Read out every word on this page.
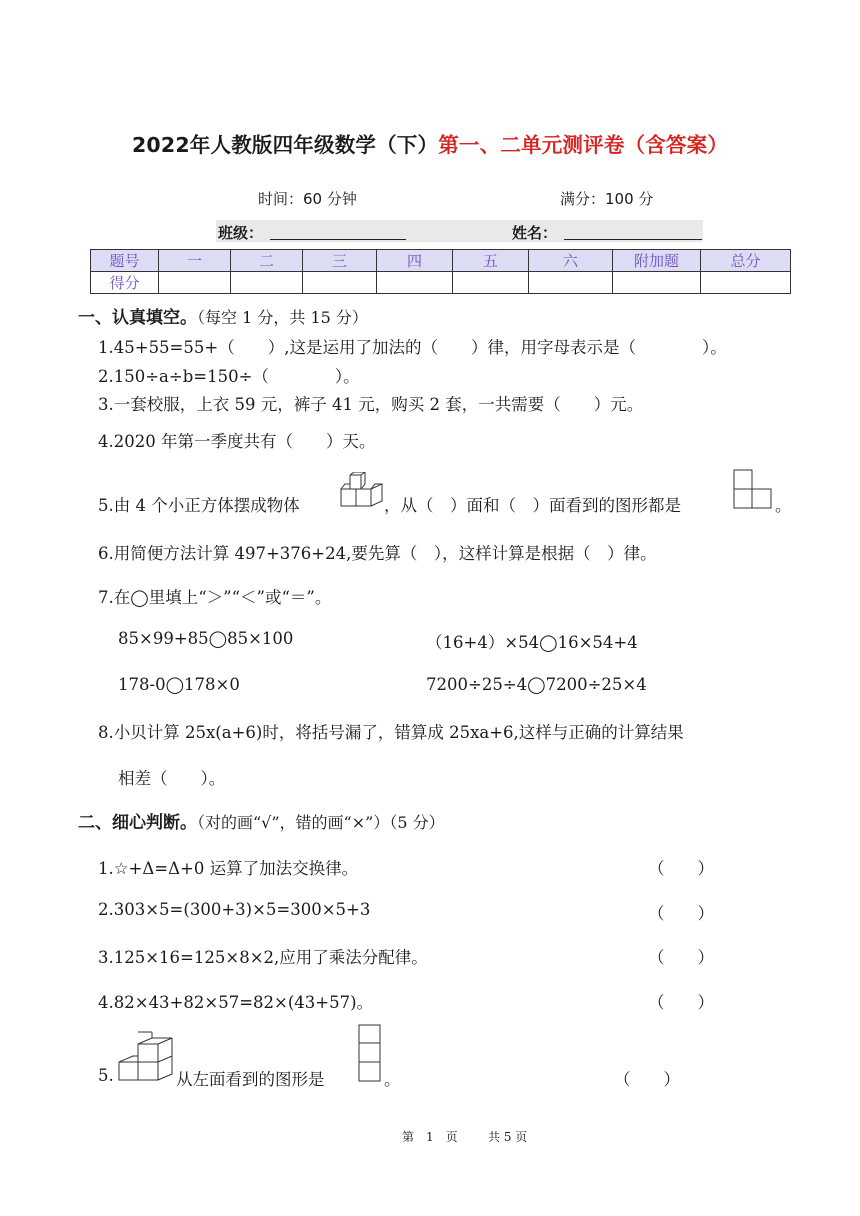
2022年人教版四年级数学（下）第一、二单元测评卷（含答案）
时间：60 分钟	满分：100 分
班级：	姓名：
题号	一	二	三	四	五	六	附加题	总分
得分								
一、认真填空。（每空 1 分，共 15 分）
1.45+55=55+（　　）,这是运用了加法的（　　）律，用字母表示是（　　　　）。
2.150÷a÷b=150÷（　　　　）。
3.一套校服，上衣 59 元，裤子 41 元，购买 2 套，一共需要（　　）元。
4.2020 年第一季度共有（　　）天。
5.由 4 个小正方体摆成物体	，从（　）面和（　）面看到的图形都是	。
6.用简便方法计算 497+376+24,要先算（　），这样计算是根据（　）律。
7.在◯里填上“＞”“＜”或“＝”。
85×99+85◯85×100	（16+4）×54◯16×54+4
178-0◯178×0	7200÷25÷4◯7200÷25×4
8.小贝计算 25x(a+6)时，将括号漏了，错算成 25xa+6,这样与正确的计算结果
相差（　　）。
二、细心判断。（对的画“√”，错的画“×”）（5 分）
1.☆+Δ=Δ+0 运算了加法交换律。	（　　）
2.303×5=(300+3)×5=300×5+3	（　　）
3.125×16=125×8×2,应用了乘法分配律。	（　　）
4.82×43+82×57=82×(43+57)。	（　　）
5.	从左面看到的图形是	。	（　　）
第　1　页	共 5 页
